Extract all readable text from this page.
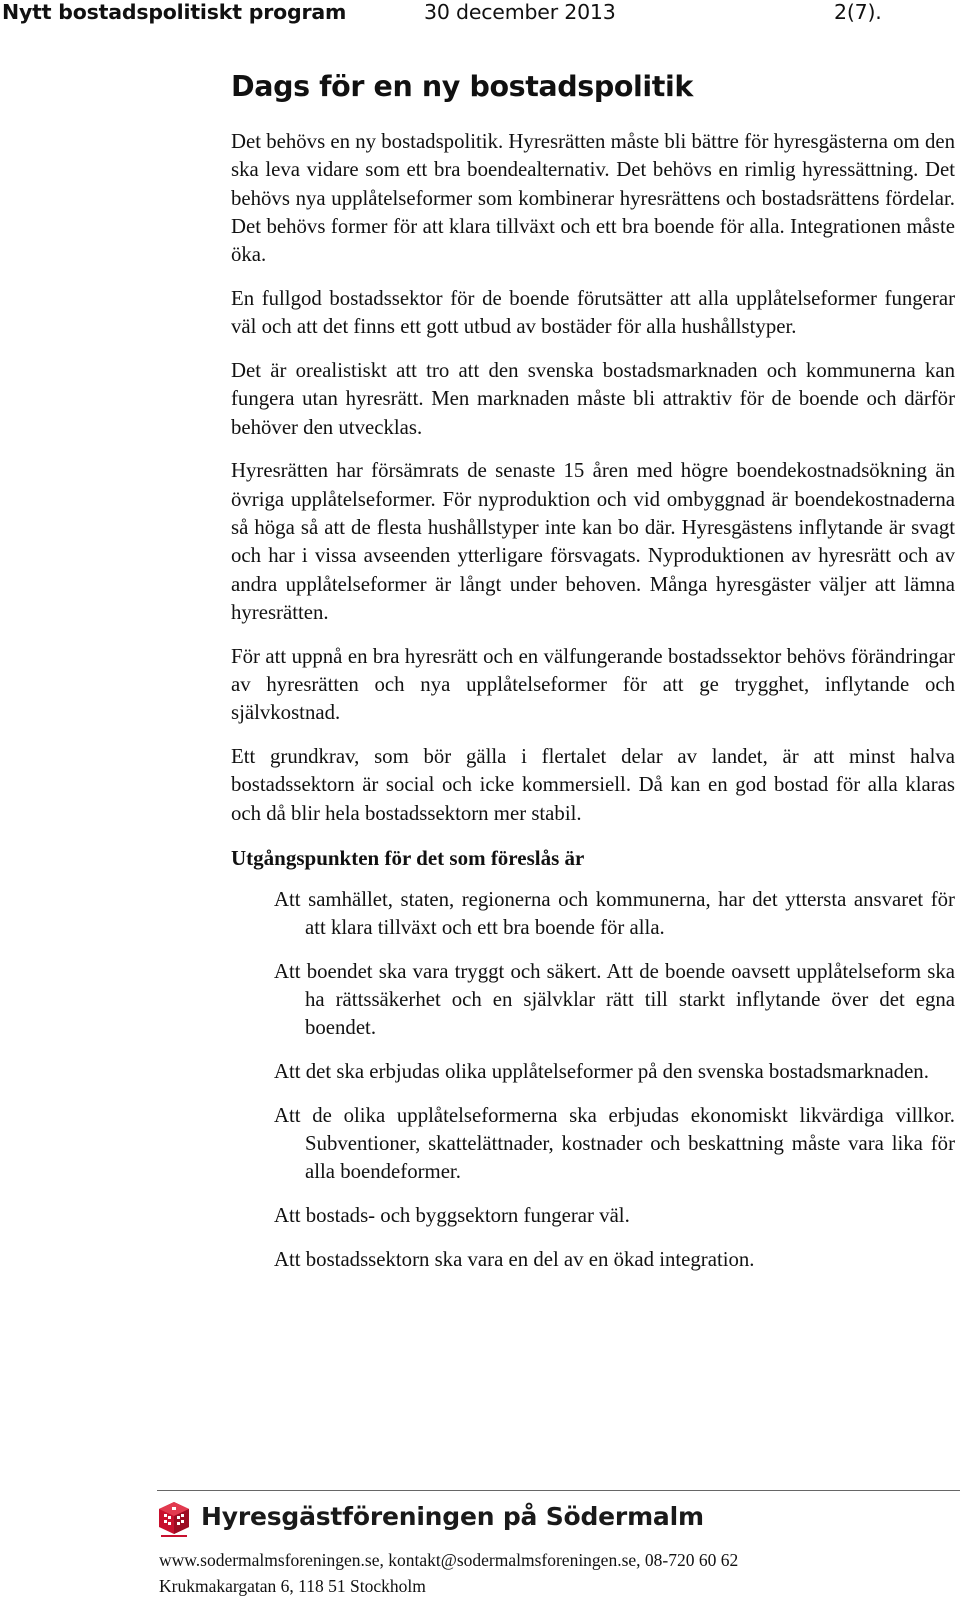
Nytt bostadspolitiskt program	30 december 2013	2(7).
Dags för en ny bostadspolitik

Det behövs en ny bostadspolitik. Hyresrätten måste bli bättre för hyresgästerna om den ska leva vidare som ett bra boendealternativ. Det behövs en rimlig hyressättning. Det behövs nya upplåtelseformer som kombinerar hyresrättens och bostadsrättens fördelar. Det behövs former för att klara tillväxt och ett bra boende för alla. Integrationen måste öka.

En fullgod bostadssektor för de boende förutsätter att alla upplåtelseformer fungerar väl och att det finns ett gott utbud av bostäder för alla hushållstyper.

Det är orealistiskt att tro att den svenska bostadsmarknaden och kommunerna kan fungera utan hyresrätt. Men marknaden måste bli attraktiv för de boende och därför behöver den utvecklas.

Hyresrätten har försämrats de senaste 15 åren med högre boendekostnadsökning än övriga upplåtelseformer. För nyproduktion och vid ombyggnad är boendekostnaderna så höga så att de flesta hushållstyper inte kan bo där. Hyresgästens inflytande är svagt och har i vissa avseenden ytterligare försvagats. Nyproduktionen av hyresrätt och av andra upplåtelseformer är långt under behoven. Många hyresgäster väljer att lämna hyresrätten.

För att uppnå en bra hyresrätt och en välfungerande bostadssektor behövs förändringar av hyresrätten och nya upplåtelseformer för att ge trygghet, inflytande och självkostnad.

Ett grundkrav, som bör gälla i flertalet delar av landet, är att minst halva bostadssektorn är social och icke kommersiell. Då kan en god bostad för alla klaras och då blir hela bostadssektorn mer stabil.

Utgångspunkten för det som föreslås är
Att samhället, staten, regionerna och kommunerna, har det yttersta ansvaret för att klara tillväxt och ett bra boende för alla.
Att boendet ska vara tryggt och säkert. Att de boende oavsett upplåtelseform ska ha rättssäkerhet och en självklar rätt till starkt inflytande över det egna boendet.
Att det ska erbjudas olika upplåtelseformer på den svenska bostadsmarknaden.
Att de olika upplåtelseformerna ska erbjudas ekonomiskt likvärdiga villkor. Subventioner, skattelättnader, kostnader och beskattning måste vara lika för alla boendeformer.
Att bostads- och byggsektorn fungerar väl.
Att bostadssektorn ska vara en del av en ökad integration.
Hyresgästföreningen på Södermalm
www.sodermalmsforeningen.se, kontakt@sodermalmsforeningen.se, 08-720 60 62
Krukmakargatan 6, 118 51 Stockholm
